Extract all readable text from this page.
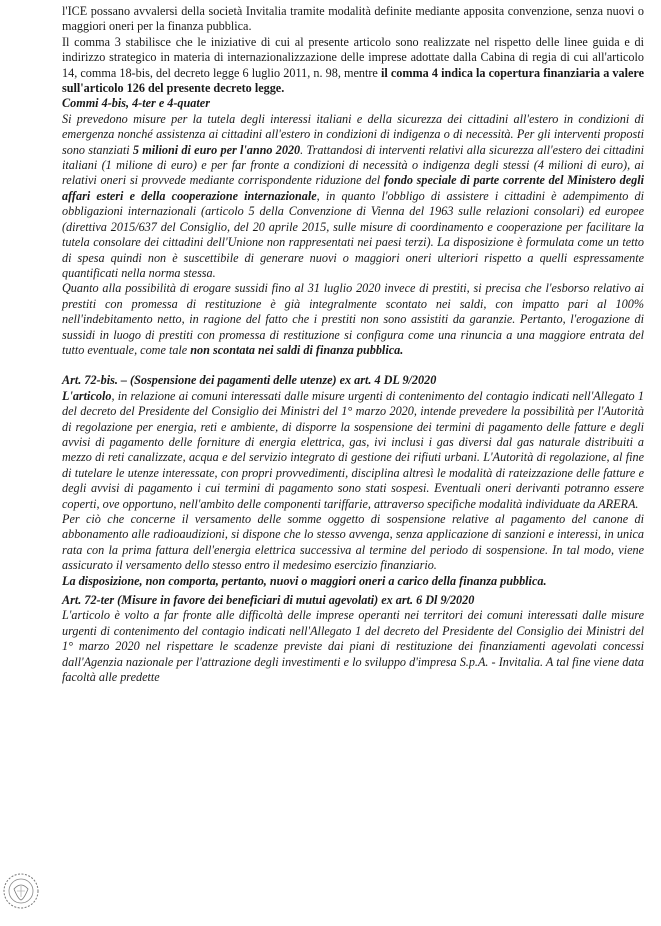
l'ICE possano avvalersi della società Invitalia tramite modalità definite mediante apposita convenzione, senza nuovi o maggiori oneri per la finanza pubblica.

Il comma 3 stabilisce che le iniziative di cui al presente articolo sono realizzate nel rispetto delle linee guida e di indirizzo strategico in materia di internazionalizzazione delle imprese adottate dalla Cabina di regia di cui all'articolo 14, comma 18-bis, del decreto legge 6 luglio 2011, n. 98, mentre il comma 4 indica la copertura finanziaria a valere sull'articolo 126 del presente decreto legge.

Commi 4-bis, 4-ter e 4-quater

Si prevedono misure per la tutela degli interessi italiani e della sicurezza dei cittadini all'estero in condizioni di emergenza nonché assistenza ai cittadini all'estero in condizioni di indigenza o di necessità. Per gli interventi proposti sono stanziati 5 milioni di euro per l'anno 2020. Trattandosi di interventi relativi alla sicurezza all'estero dei cittadini italiani (1 milione di euro) e per far fronte a condizioni di necessità o indigenza degli stessi (4 milioni di euro), ai relativi oneri si provvede mediante corrispondente riduzione del fondo speciale di parte corrente del Ministero degli affari esteri e della cooperazione internazionale, in quanto l'obbligo di assistere i cittadini è adempimento di obbligazioni internazionali (articolo 5 della Convenzione di Vienna del 1963 sulle relazioni consolari) ed europee (direttiva 2015/637 del Consiglio, del 20 aprile 2015, sulle misure di coordinamento e cooperazione per facilitare la tutela consolare dei cittadini dell'Unione non rappresentati nei paesi terzi). La disposizione è formulata come un tetto di spesa quindi non è suscettibile di generare nuovi o maggiori oneri ulteriori rispetto a quelli espressamente quantificati nella norma stessa.

Quanto alla possibilità di erogare sussidi fino al 31 luglio 2020 invece di prestiti, si precisa che l'esborso relativo ai prestiti con promessa di restituzione è già integralmente scontato nei saldi, con impatto pari al 100% nell'indebitamento netto, in ragione del fatto che i prestiti non sono assistiti da garanzie. Pertanto, l'erogazione di sussidi in luogo di prestiti con promessa di restituzione si configura come una rinuncia a una maggiore entrata del tutto eventuale, come tale non scontata nei saldi di finanza pubblica.

Art. 72-bis. – (Sospensione dei pagamenti delle utenze) ex art. 4 DL 9/2020

L'articolo, in relazione ai comuni interessati dalle misure urgenti di contenimento del contagio indicati nell'Allegato 1 del decreto del Presidente del Consiglio dei Ministri del 1° marzo 2020, intende prevedere la possibilità per l'Autorità di regolazione per energia, reti e ambiente, di disporre la sospensione dei termini di pagamento delle fatture e degli avvisi di pagamento delle forniture di energia elettrica, gas, ivi inclusi i gas diversi dal gas naturale distribuiti a mezzo di reti canalizzate, acqua e del servizio integrato di gestione dei rifiuti urbani. L'Autorità di regolazione, al fine di tutelare le utenze interessate, con propri provvedimenti, disciplina altresì le modalità di rateizzazione delle fatture e degli avvisi di pagamento i cui termini di pagamento sono stati sospesi. Eventuali oneri derivanti potranno essere coperti, ove opportuno, nell'ambito delle componenti tariffarie, attraverso specifiche modalità individuate da ARERA.

Per ciò che concerne il versamento delle somme oggetto di sospensione relative al pagamento del canone di abbonamento alle radioaudizioni, si dispone che lo stesso avvenga, senza applicazione di sanzioni e interessi, in unica rata con la prima fattura dell'energia elettrica successiva al termine del periodo di sospensione. In tal modo, viene assicurato il versamento dello stesso entro il medesimo esercizio finanziario.

La disposizione, non comporta, pertanto, nuovi o maggiori oneri a carico della finanza pubblica.

Art. 72-ter (Misure in favore dei beneficiari di mutui agevolati) ex art. 6 Dl 9/2020

L'articolo è volto a far fronte alle difficoltà delle imprese operanti nei territori dei comuni interessati dalle misure urgenti di contenimento del contagio indicati nell'Allegato 1 del decreto del Presidente del Consiglio dei Ministri del 1° marzo 2020 nel rispettare le scadenze previste dai piani di restituzione dei finanziamenti agevolati concessi dall'Agenzia nazionale per l'attrazione degli investimenti e lo sviluppo d'impresa S.p.A. - Invitalia. A tal fine viene data facoltà alle predette
